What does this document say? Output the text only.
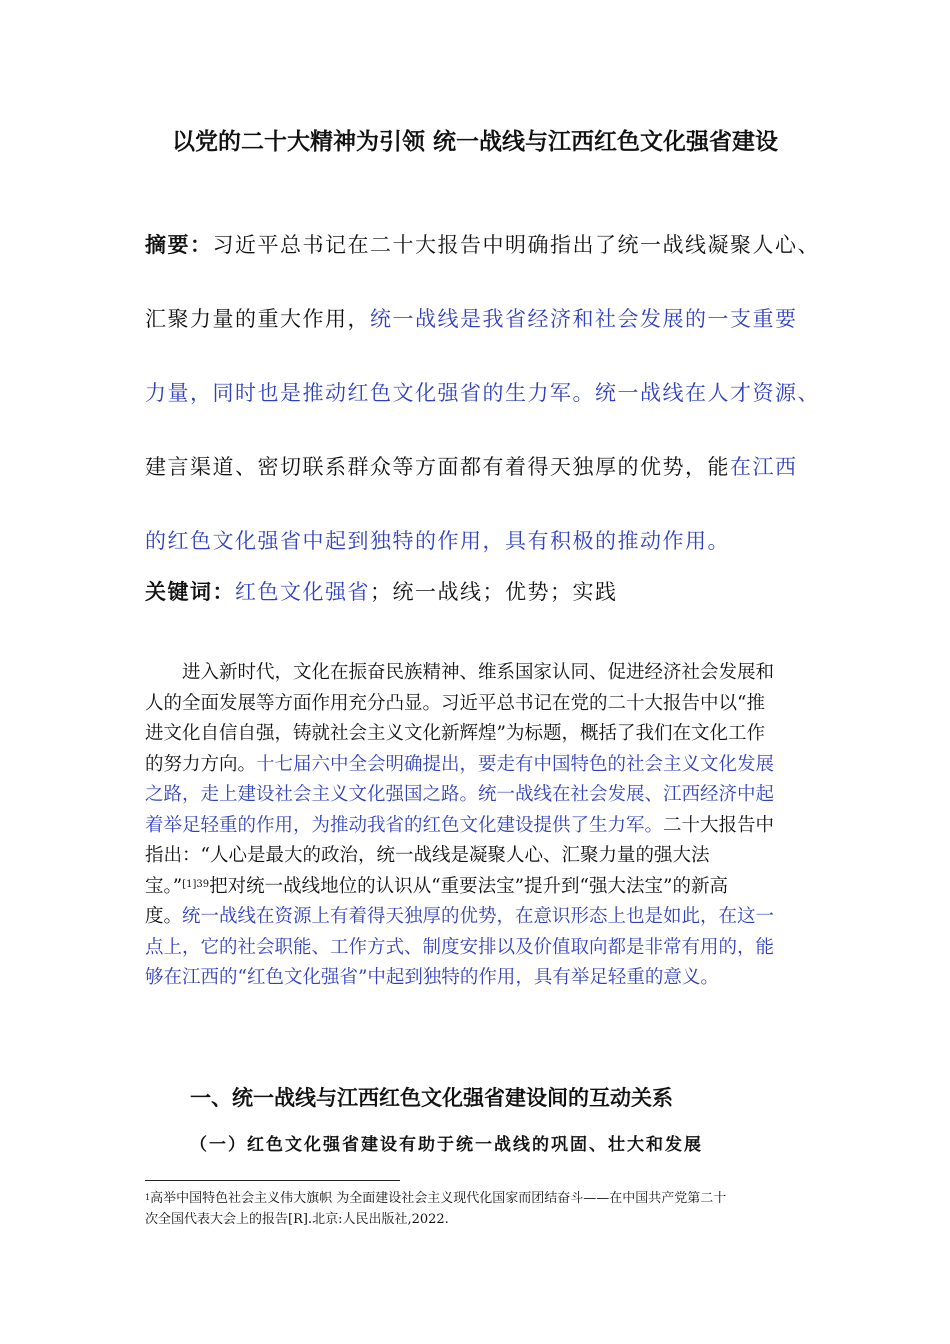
以党的二十大精神为引领 统一战线与江西红色文化强省建设
摘要：习近平总书记在二十大报告中明确指出了统一战线凝聚人心、
汇聚力量的重大作用，统一战线是我省经济和社会发展的一支重要
力量，同时也是推动红色文化强省的生力军。统一战线在人才资源、
建言渠道、密切联系群众等方面都有着得天独厚的优势，能在江西
的红色文化强省中起到独特的作用，具有积极的推动作用。
关键词：红色文化强省；统一战线；优势；实践
进入新时代，文化在振奋民族精神、维系国家认同、促进经济社会发展和
人的全面发展等方面作用充分凸显。习近平总书记在党的二十大报告中以“推
进文化自信自强，铸就社会主义文化新辉煌”为标题，概括了我们在文化工作
的努力方向。十七届六中全会明确提出，要走有中国特色的社会主义文化发展
之路，走上建设社会主义文化强国之路。统一战线在社会发展、江西经济中起
着举足轻重的作用，为推动我省的红色文化建设提供了生力军。二十大报告中
指出：“人心是最大的政治，统一战线是凝聚人心、汇聚力量的强大法
宝。”$^{[1]39}$把对统一战线地位的认识从“重要法宝”提升到“强大法宝”的新高
度。统一战线在资源上有着得天独厚的优势，在意识形态上也是如此，在这一
点上，它的社会职能、工作方式、制度安排以及价值取向都是非常有用的，能
够在江西的“红色文化强省”中起到独特的作用，具有举足轻重的意义。
一、统一战线与江西红色文化强省建设间的互动关系
（一）红色文化强省建设有助于统一战线的巩固、壮大和发展
$^1$高举中国特色社会主义伟大旗帜 为全面建设社会主义现代化国家而团结奋斗——在中国共产党第二十
次全国代表大会上的报告[R].北京:人民出版社,2022.
